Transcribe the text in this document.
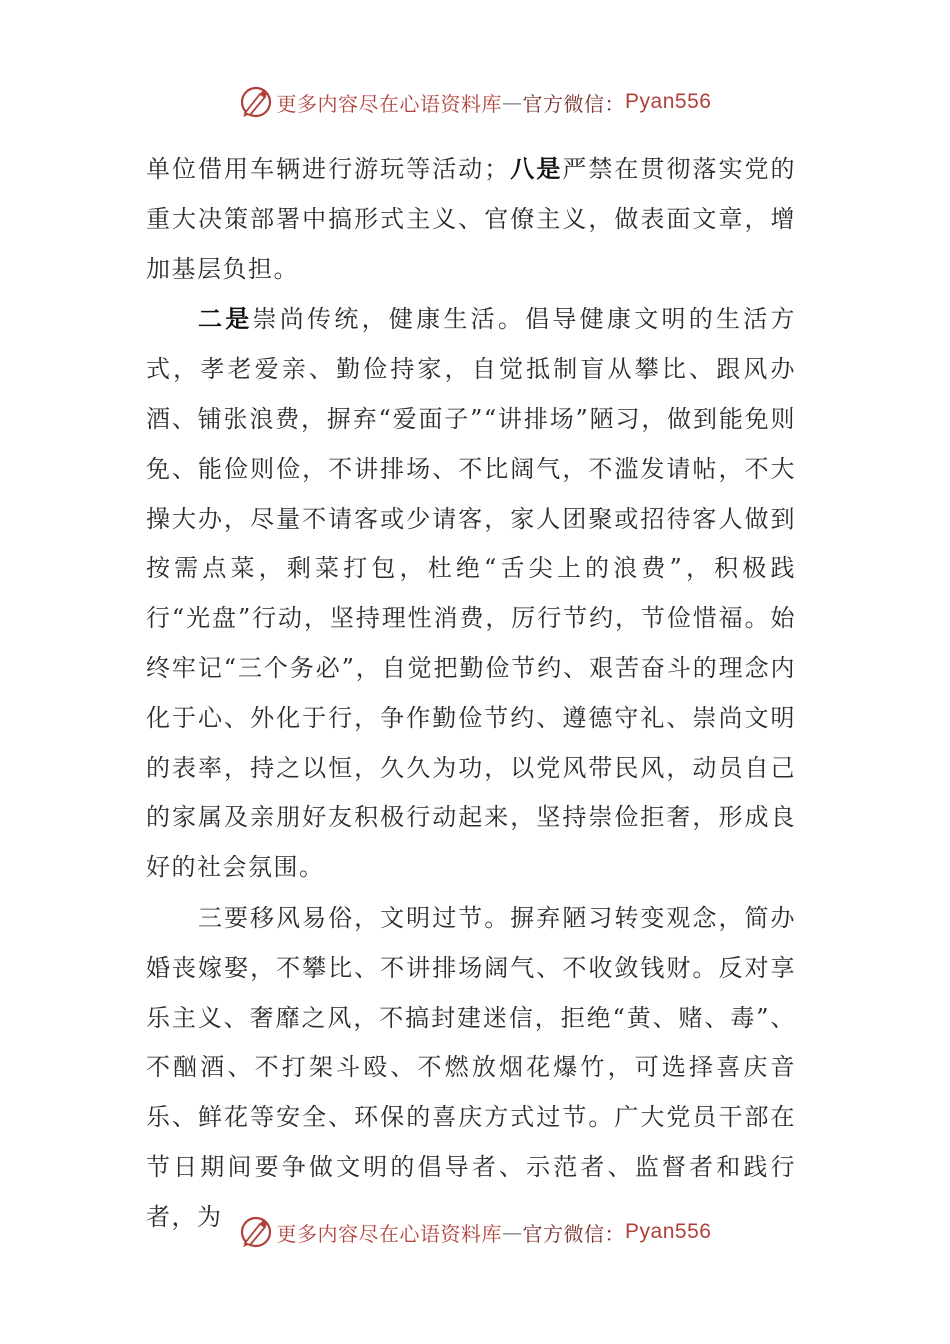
更多内容尽在心语资料库 — 官方微信： Pyan556

单位借用车辆进行游玩等活动；八是严禁在贯彻落实党的重大决策部署中搞形式主义、官僚主义，做表面文章，增加基层负担。

二是崇尚传统，健康生活。倡导健康文明的生活方式，孝老爱亲、勤俭持家，自觉抵制盲从攀比、跟风办酒、铺张浪费，摒弃“爱面子”“讲排场”陋习，做到能免则免、能俭则俭，不讲排场、不比阔气，不滥发请帖，不大操大办，尽量不请客或少请客，家人团聚或招待客人做到按需点菜，剩菜打包，杜绝“舌尖上的浪费”，积极践行“光盘”行动，坚持理性消费，厉行节约，节俭惜福。始终牢记“三个务必”，自觉把勤俭节约、艰苦奋斗的理念内化于心、外化于行，争作勤俭节约、遵德守礼、崇尚文明的表率，持之以恒，久久为功，以党风带民风，动员自己的家属及亲朋好友积极行动起来，坚持崇俭拒奢，形成良好的社会氛围。

三要移风易俗，文明过节。摒弃陋习转变观念，简办婚丧嫁娶，不攀比、不讲排场阔气、不收敛钱财。反对享乐主义、奢靡之风，不搞封建迷信，拒绝“黄、赌、毒”、不酗酒、不打架斗殴、不燃放烟花爆竹，可选择喜庆音乐、鲜花等安全、环保的喜庆方式过节。广大党员干部在节日期间要争做文明的倡导者、示范者、监督者和践行者，为

更多内容尽在心语资料库 — 官方微信： Pyan556
